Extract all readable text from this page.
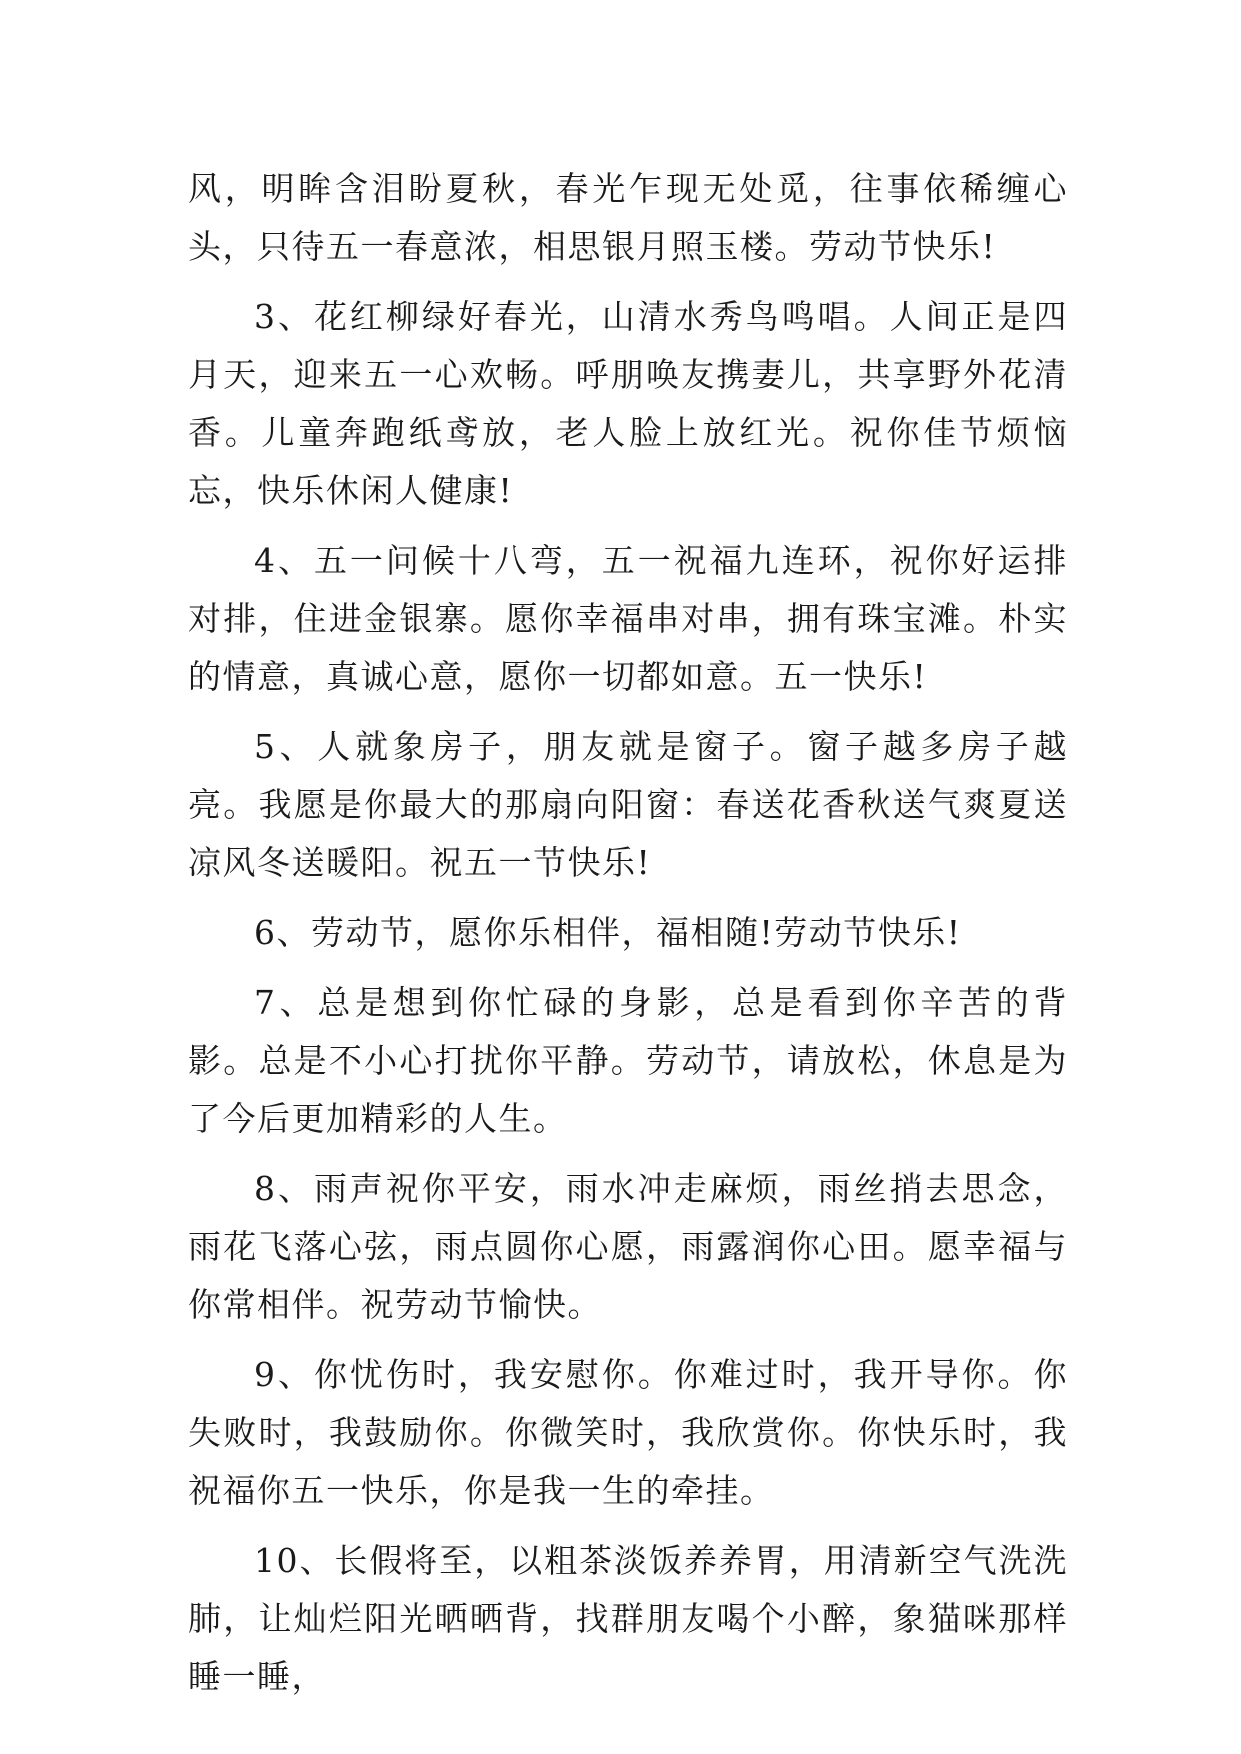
风，明眸含泪盼夏秋，春光乍现无处觅，往事依稀缠心头，只待五一春意浓，相思银月照玉楼。劳动节快乐!

3、花红柳绿好春光，山清水秀鸟鸣唱。人间正是四月天，迎来五一心欢畅。呼朋唤友携妻儿，共享野外花清香。儿童奔跑纸鸢放，老人脸上放红光。祝你佳节烦恼忘，快乐休闲人健康!

4、五一问候十八弯，五一祝福九连环，祝你好运排对排，住进金银寨。愿你幸福串对串，拥有珠宝滩。朴实的情意，真诚心意，愿你一切都如意。五一快乐!

5、人就象房子，朋友就是窗子。窗子越多房子越亮。我愿是你最大的那扇向阳窗：春送花香秋送气爽夏送凉风冬送暖阳。祝五一节快乐!

6、劳动节，愿你乐相伴，福相随!劳动节快乐!

7、总是想到你忙碌的身影，总是看到你辛苦的背影。总是不小心打扰你平静。劳动节，请放松，休息是为了今后更加精彩的人生。

8、雨声祝你平安，雨水冲走麻烦，雨丝捎去思念，雨花飞落心弦，雨点圆你心愿，雨露润你心田。愿幸福与你常相伴。祝劳动节愉快。

9、你忧伤时，我安慰你。你难过时，我开导你。你失败时，我鼓励你。你微笑时，我欣赏你。你快乐时，我祝福你五一快乐，你是我一生的牵挂。

10、长假将至，以粗茶淡饭养养胃，用清新空气洗洗肺，让灿烂阳光晒晒背，找群朋友喝个小醉，象猫咪那样睡一睡，
